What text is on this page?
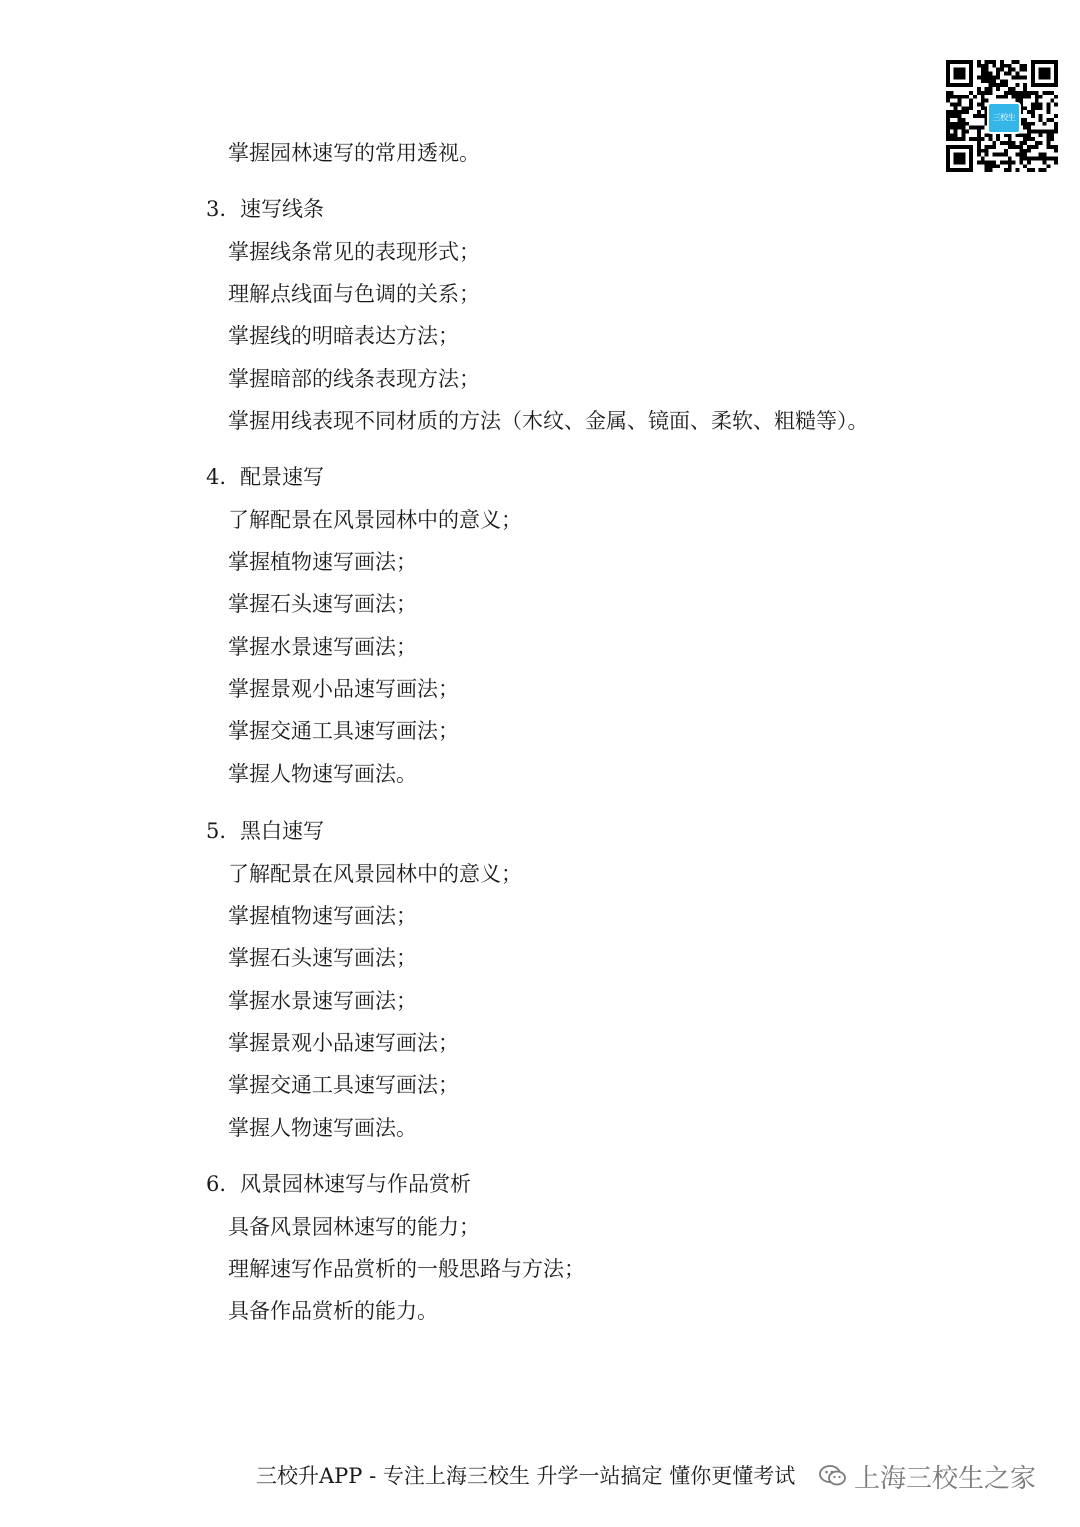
三校生
掌握园林速写的常用透视。
3. 速写线条
掌握线条常见的表现形式；
理解点线面与色调的关系；
掌握线的明暗表达方法；
掌握暗部的线条表现方法；
掌握用线表现不同材质的方法（木纹、金属、镜面、柔软、粗糙等）。
4. 配景速写
了解配景在风景园林中的意义；
掌握植物速写画法；
掌握石头速写画法；
掌握水景速写画法；
掌握景观小品速写画法；
掌握交通工具速写画法；
掌握人物速写画法。
5. 黑白速写
了解配景在风景园林中的意义；
掌握植物速写画法；
掌握石头速写画法；
掌握水景速写画法；
掌握景观小品速写画法；
掌握交通工具速写画法；
掌握人物速写画法。
6. 风景园林速写与作品赏析
具备风景园林速写的能力；
理解速写作品赏析的一般思路与方法；
具备作品赏析的能力。
三校升APP - 专注上海三校生 升学一站搞定 懂你更懂考试 上海三校生之家
